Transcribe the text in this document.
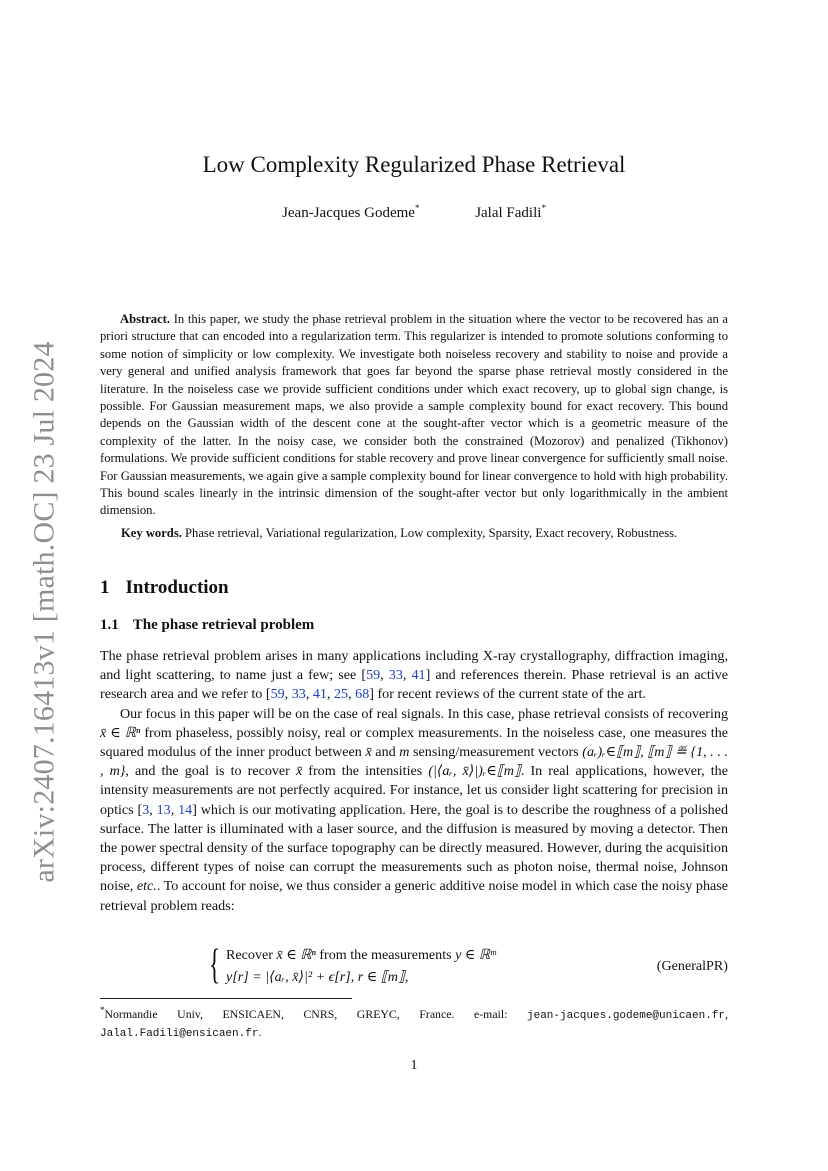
arXiv:2407.16413v1 [math.OC] 23 Jul 2024
Low Complexity Regularized Phase Retrieval
Jean-Jacques Godeme*	Jalal Fadili*

Abstract. In this paper, we study the phase retrieval problem in the situation where the vector to be recovered has an a priori structure that can encoded into a regularization term. This regularizer is intended to promote solutions conforming to some notion of simplicity or low complexity. We investigate both noiseless recovery and stability to noise and provide a very general and unified analysis framework that goes far beyond the sparse phase retrieval mostly considered in the literature. In the noiseless case we provide sufficient conditions under which exact recovery, up to global sign change, is possible. For Gaussian measurement maps, we also provide a sample complexity bound for exact recovery. This bound depends on the Gaussian width of the descent cone at the sought-after vector which is a geometric measure of the complexity of the latter. In the noisy case, we consider both the constrained (Mozorov) and penalized (Tikhonov) formulations. We provide sufficient conditions for stable recovery and prove linear convergence for sufficiently small noise. For Gaussian measurements, we again give a sample complexity bound for linear convergence to hold with high probability. This bound scales linearly in the intrinsic dimension of the sought-after vector but only logarithmically in the ambient dimension.

Key words. Phase retrieval, Variational regularization, Low complexity, Sparsity, Exact recovery, Robustness.

1 Introduction
1.1 The phase retrieval problem

The phase retrieval problem arises in many applications including X-ray crystallography, diffraction imaging, and light scattering, to name just a few; see [59, 33, 41] and references therein. Phase retrieval is an active research area and we refer to [59, 33, 41, 25, 68] for recent reviews of the current state of the art.

Our focus in this paper will be on the case of real signals. In this case, phase retrieval consists of recovering x̄ ∈ ℝⁿ from phaseless, possibly noisy, real or complex measurements. In the noiseless case, one measures the squared modulus of the inner product between x̄ and m sensing/measurement vectors (aᵣ)ᵣ∈⟦m⟧, ⟦m⟧ ≝ {1, . . . , m}, and the goal is to recover x̄ from the intensities (|⟨aᵣ, x̄⟩|)ᵣ∈⟦m⟧. In real applications, however, the intensity measurements are not perfectly acquired. For instance, let us consider light scattering for precision in optics [3, 13, 14] which is our motivating application. Here, the goal is to describe the roughness of a polished surface. The latter is illuminated with a laser source, and the diffusion is measured by moving a detector. Then the power spectral density of the surface topography can be directly measured. However, during the acquisition process, different types of noise can corrupt the measurements such as photon noise, thermal noise, Johnson noise, etc.. To account for noise, we thus consider a generic additive noise model in which case the noisy phase retrieval problem reads:

{ Recover x̄ ∈ ℝⁿ from the measurements y ∈ ℝᵐ
y[r] = |⟨aᵣ, x̄⟩|² + ϵ[r], r ∈ ⟦m⟧,
(GeneralPR)
*Normandie Univ, ENSICAEN, CNRS, GREYC, France. e-mail: jean-jacques.godeme@unicaen.fr, Jalal.Fadili@ensicaen.fr.
1
